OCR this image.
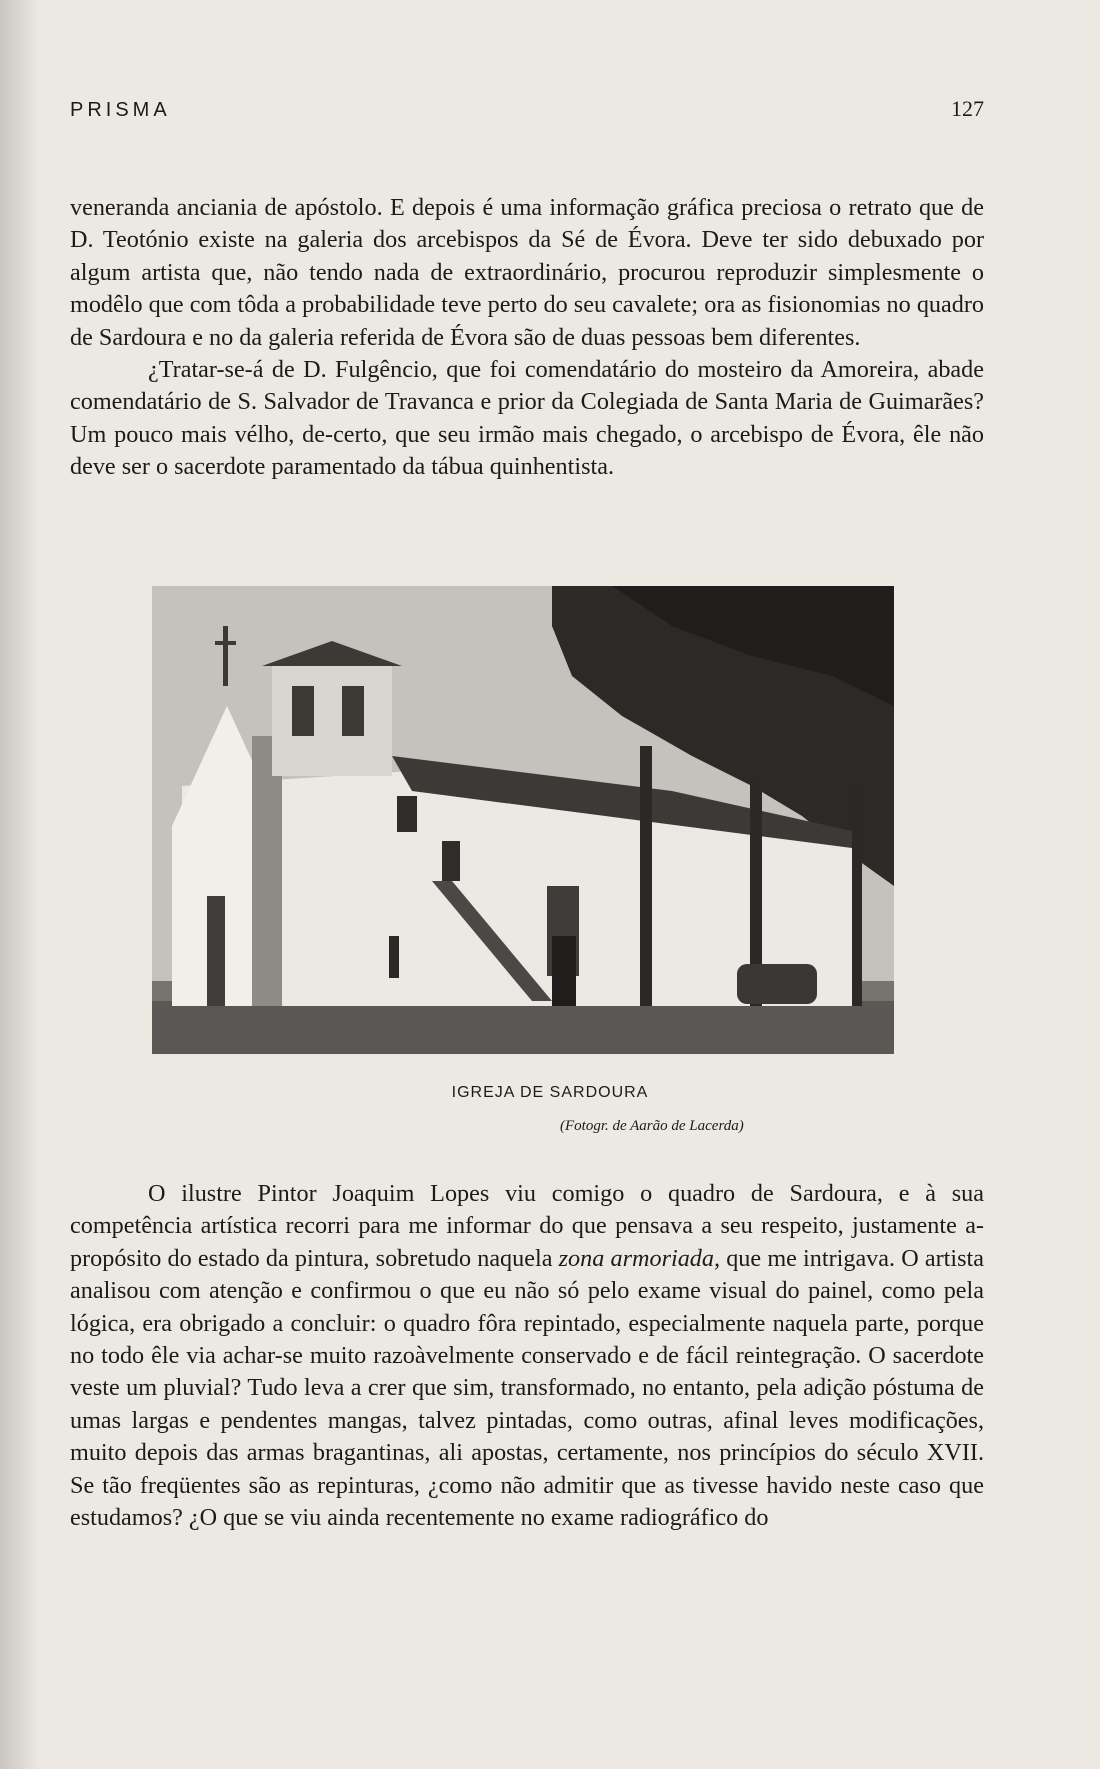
PRISMA	127

veneranda anciania de apóstolo. E depois é uma informação gráfica preciosa o retrato que de D. Teotónio existe na galeria dos arcebispos da Sé de Évora. Deve ter sido debuxado por algum artista que, não tendo nada de extraordinário, procurou reproduzir simplesmente o modêlo que com tôda a probabilidade teve perto do seu cavalete; ora as fisionomias no quadro de Sardoura e no da galeria referida de Évora são de duas pessoas bem diferentes.

¿Tratar-se-á de D. Fulgêncio, que foi comendatário do mosteiro da Amoreira, abade comendatário de S. Salvador de Travanca e prior da Colegiada de Santa Maria de Guimarães? Um pouco mais vélho, de-certo, que seu irmão mais chegado, o arcebispo de Évora, êle não deve ser o sacerdote paramentado da tábua quinhentista.

IGREJA DE SARDOURA
(Fotogr. de Aarão de Lacerda)

O ilustre Pintor Joaquim Lopes viu comigo o quadro de Sardoura, e à sua competência artística recorri para me informar do que pensava a seu respeito, justamente a-propósito do estado da pintura, sobretudo naquela zona armoriada, que me intrigava. O artista analisou com atenção e confirmou o que eu não só pelo exame visual do painel, como pela lógica, era obrigado a concluir: o quadro fôra repintado, especialmente naquela parte, porque no todo êle via achar-se muito razoàvelmente conservado e de fácil reintegração. O sacerdote veste um pluvial? Tudo leva a crer que sim, transformado, no entanto, pela adição póstuma de umas largas e pendentes mangas, talvez pintadas, como outras, afinal leves modificações, muito depois das armas bragantinas, ali apostas, certamente, nos princípios do século XVII. Se tão freqüentes são as repinturas, ¿como não admitir que as tivesse havido neste caso que estudamos? ¿O que se viu ainda recentemente no exame radiográfico do
